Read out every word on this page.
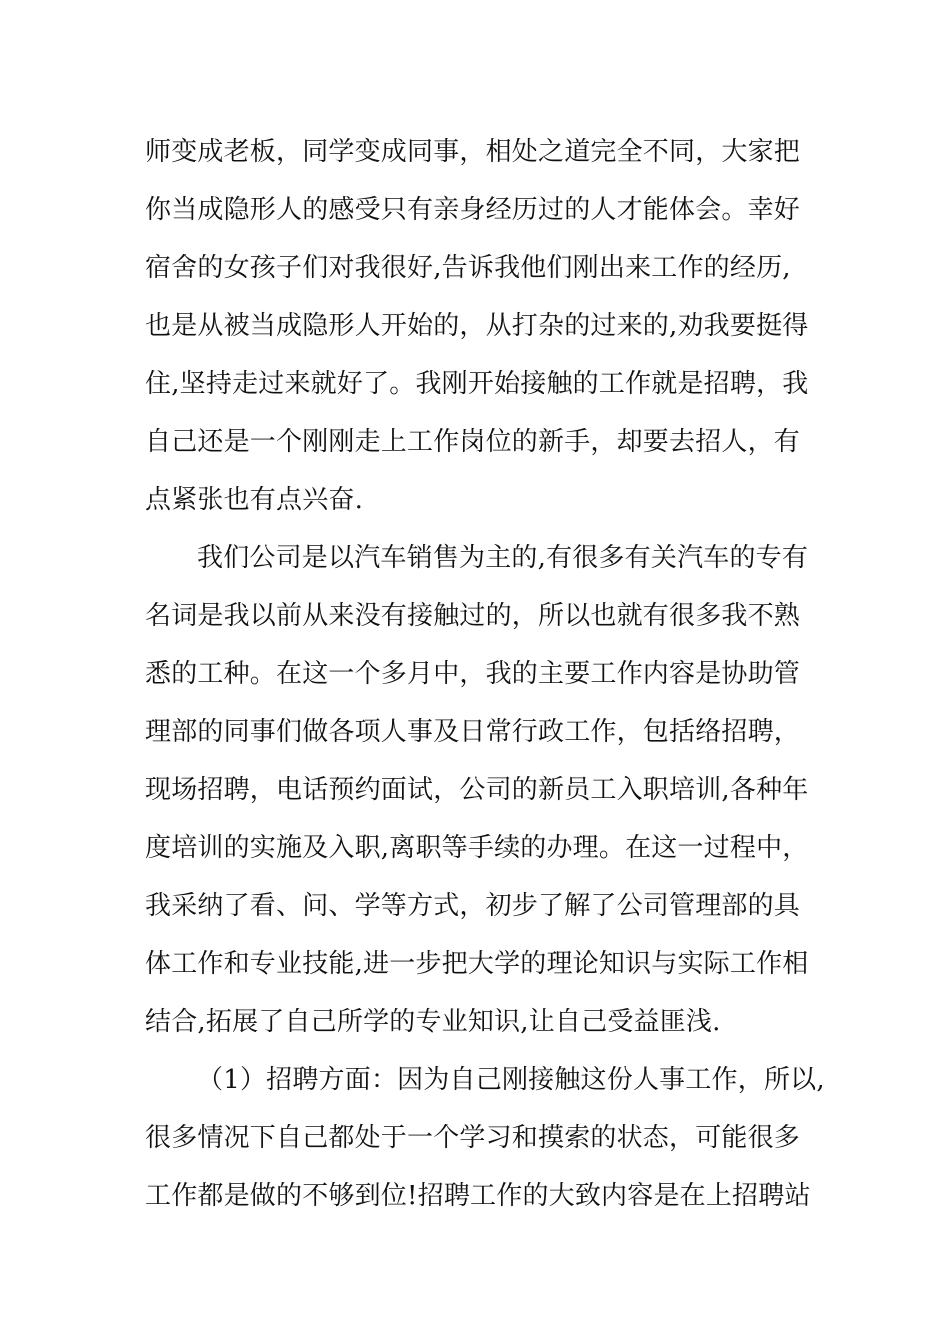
师变成老板，同学变成同事，相处之道完全不同，大家把
你当成隐形人的感受只有亲身经历过的人才能体会。幸好
宿舍的女孩子们对我很好,告诉我他们刚出来工作的经历,
也是从被当成隐形人开始的，从打杂的过来的,劝我要挺得
住,坚持走过来就好了。我刚开始接触的工作就是招聘，我
自己还是一个刚刚走上工作岗位的新手，却要去招人，有
点紧张也有点兴奋.
我们公司是以汽车销售为主的,有很多有关汽车的专有
名词是我以前从来没有接触过的，所以也就有很多我不熟
悉的工种。在这一个多月中，我的主要工作内容是协助管
理部的同事们做各项人事及日常行政工作，包括络招聘，
现场招聘，电话预约面试，公司的新员工入职培训,各种年
度培训的实施及入职,离职等手续的办理。在这一过程中，
我采纳了看、问、学等方式，初步了解了公司管理部的具
体工作和专业技能,进一步把大学的理论知识与实际工作相
结合,拓展了自己所学的专业知识,让自己受益匪浅.
（1）招聘方面：因为自己刚接触这份人事工作，所以,
很多情况下自己都处于一个学习和摸索的状态，可能很多
工作都是做的不够到位!招聘工作的大致内容是在上招聘站
